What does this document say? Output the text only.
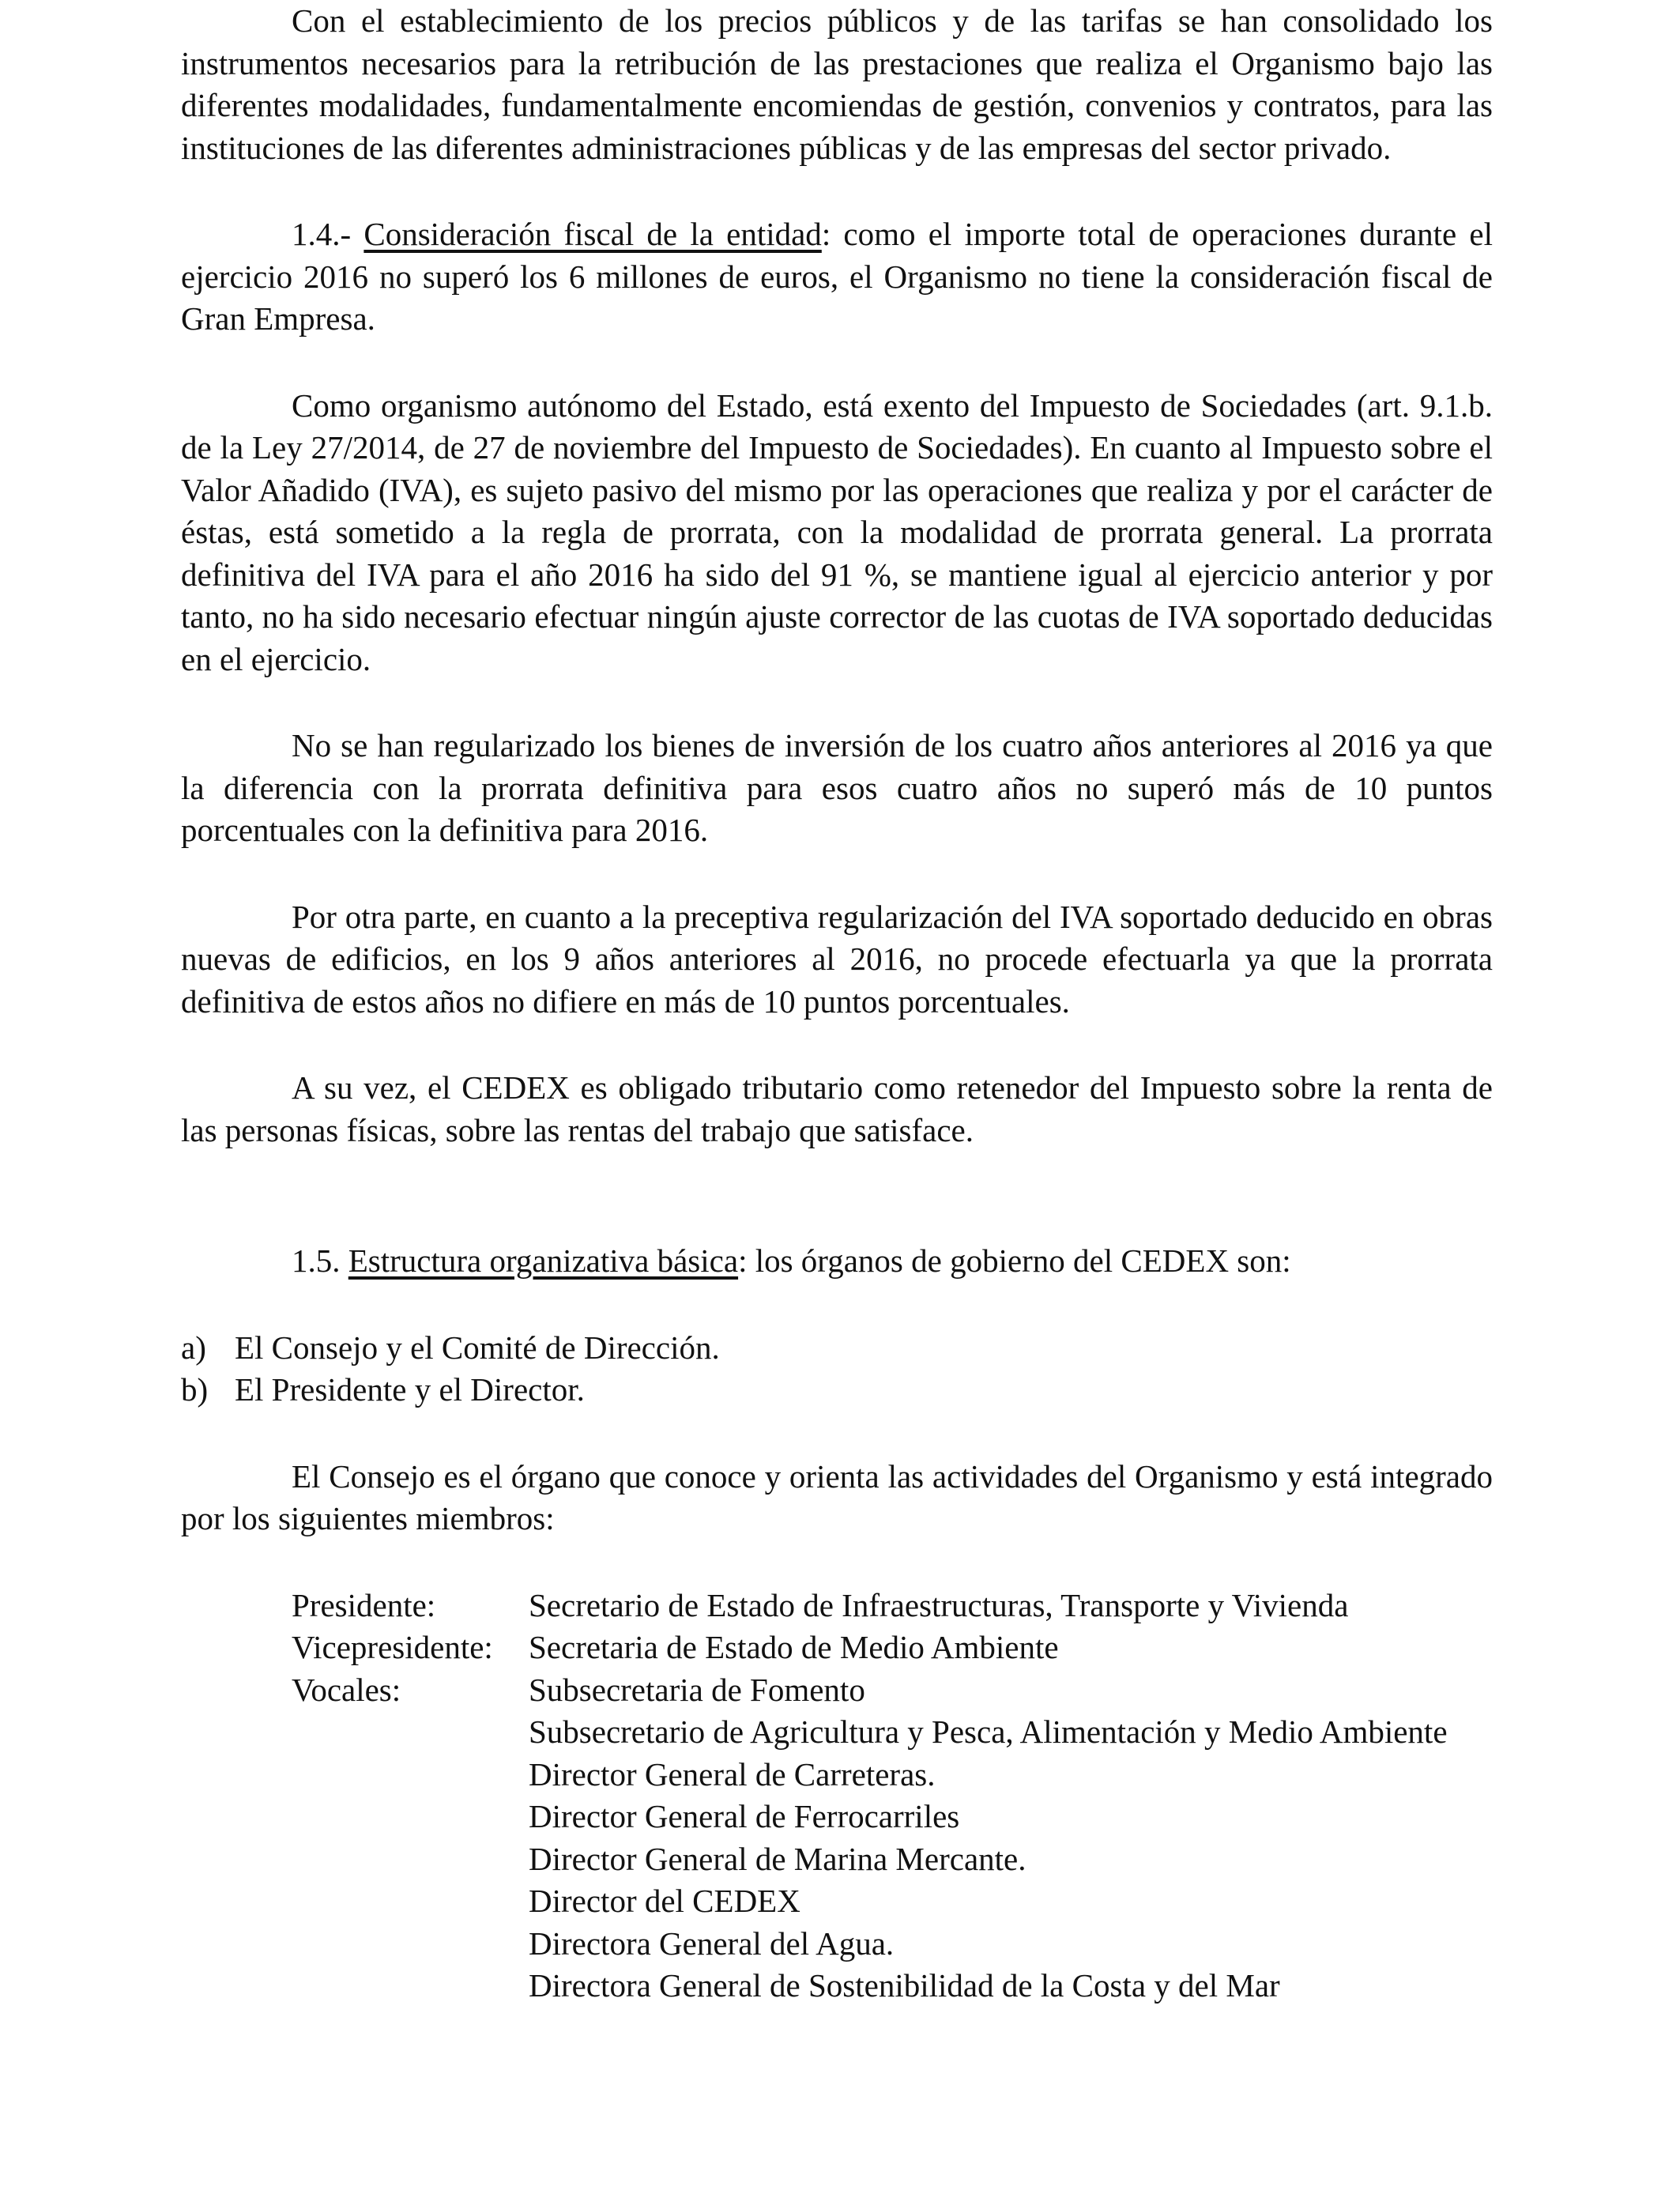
Con el establecimiento de los precios públicos y de las tarifas se han consolidado los instrumentos necesarios para la retribución de las prestaciones que realiza el Organismo bajo las diferentes modalidades, fundamentalmente encomiendas de gestión, convenios y contratos, para las instituciones de las diferentes administraciones públicas y de las empresas del sector privado.

1.4.- Consideración fiscal de la entidad: como el importe total de operaciones durante el ejercicio 2016 no superó los 6 millones de euros, el Organismo no tiene la consideración fiscal de Gran Empresa.

Como organismo autónomo del Estado, está exento del Impuesto de Sociedades (art. 9.1.b. de la Ley 27/2014, de 27 de noviembre del Impuesto de Sociedades). En cuanto al Impuesto sobre el Valor Añadido (IVA), es sujeto pasivo del mismo por las operaciones que realiza y por el carácter de éstas, está sometido a la regla de prorrata, con la modalidad de prorrata general. La prorrata definitiva del IVA para el año 2016 ha sido del 91 %, se mantiene igual al ejercicio anterior y por tanto, no ha sido necesario efectuar ningún ajuste corrector de las cuotas de IVA soportado deducidas en el ejercicio.

No se han regularizado los bienes de inversión de los cuatro años anteriores al 2016 ya que la diferencia con la prorrata definitiva para esos cuatro años no superó más de 10 puntos porcentuales con la definitiva para 2016.

Por otra parte, en cuanto a la preceptiva regularización del IVA soportado deducido en obras nuevas de edificios, en los 9 años anteriores al 2016, no procede efectuarla ya que la prorrata definitiva de estos años no difiere en más de 10 puntos porcentuales.

A su vez, el CEDEX es obligado tributario como retenedor del Impuesto sobre la renta de las personas físicas, sobre las rentas del trabajo que satisface.

1.5. Estructura organizativa básica: los órganos de gobierno del CEDEX son:

a) El Consejo y el Comité de Dirección.
b) El Presidente y el Director.

El Consejo es el órgano que conoce y orienta las actividades del Organismo y está integrado por los siguientes miembros:

Presidente:	Secretario de Estado de Infraestructuras, Transporte y Vivienda
Vicepresidente:	Secretaria de Estado de Medio Ambiente
Vocales:	Subsecretaria de Fomento
Subsecretario de Agricultura y Pesca, Alimentación y Medio Ambiente
Director General de Carreteras.
Director General de Ferrocarriles
Director General de Marina Mercante.
Director del CEDEX
Directora General del Agua.
Directora General de Sostenibilidad de la Costa y del Mar
